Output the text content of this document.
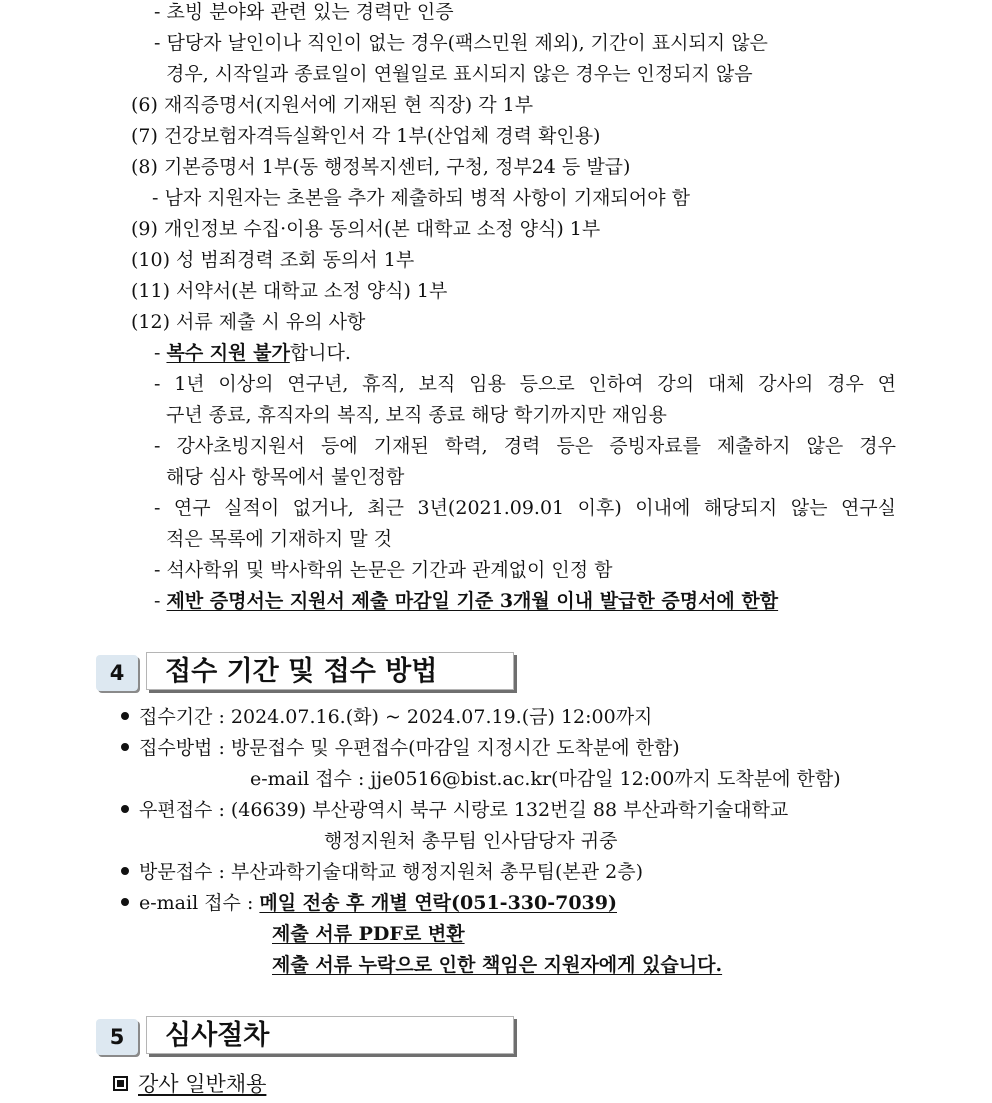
- 초빙 분야와 관련 있는 경력만 인증
- 담당자 날인이나 직인이 없는 경우(팩스민원 제외), 기간이 표시되지 않은
경우, 시작일과 종료일이 연월일로 표시되지 않은 경우는 인정되지 않음
(6) 재직증명서(지원서에 기재된 현 직장) 각 1부
(7) 건강보험자격득실확인서 각 1부(산업체 경력 확인용)
(8) 기본증명서 1부(동 행정복지센터, 구청, 정부24 등 발급)
- 남자 지원자는 초본을 추가 제출하되 병적 사항이 기재되어야 함
(9) 개인정보 수집·이용 동의서(본 대학교 소정 양식) 1부
(10) 성 범죄경력 조회 동의서 1부
(11) 서약서(본 대학교 소정 양식) 1부
(12) 서류 제출 시 유의 사항
- 복수 지원 불가합니다.
- 1년 이상의 연구년, 휴직, 보직 임용 등으로 인하여 강의 대체 강사의 경우 연
구년 종료, 휴직자의 복직, 보직 종료 해당 학기까지만 재임용
- 강사초빙지원서 등에 기재된 학력, 경력 등은 증빙자료를 제출하지 않은 경우
해당 심사 항목에서 불인정함
- 연구 실적이 없거나, 최근 3년(2021.09.01 이후) 이내에 해당되지 않는 연구실
적은 목록에 기재하지 말 것
- 석사학위 및 박사학위 논문은 기간과 관계없이 인정 함
- 제반 증명서는 지원서 제출 마감일 기준 3개월 이내 발급한 증명서에 한함
4	접수 기간 및 접수 방법
접수기간 : 2024.07.16.(화) ~ 2024.07.19.(금) 12:00까지
접수방법 : 방문접수 및 우편접수(마감일 지정시간 도착분에 한함)
e-mail 접수 : jje0516@bist.ac.kr(마감일 12:00까지 도착분에 한함)
우편접수 : (46639) 부산광역시 북구 시랑로 132번길 88 부산과학기술대학교
행정지원처 총무팀 인사담당자 귀중
방문접수 : 부산과학기술대학교 행정지원처 총무팀(본관 2층)
e-mail 접수 : 메일 전송 후 개별 연락(051-330-7039)
제출 서류 PDF로 변환
제출 서류 누락으로 인한 책임은 지원자에게 있습니다.
5	심사절차
강사 일반채용
